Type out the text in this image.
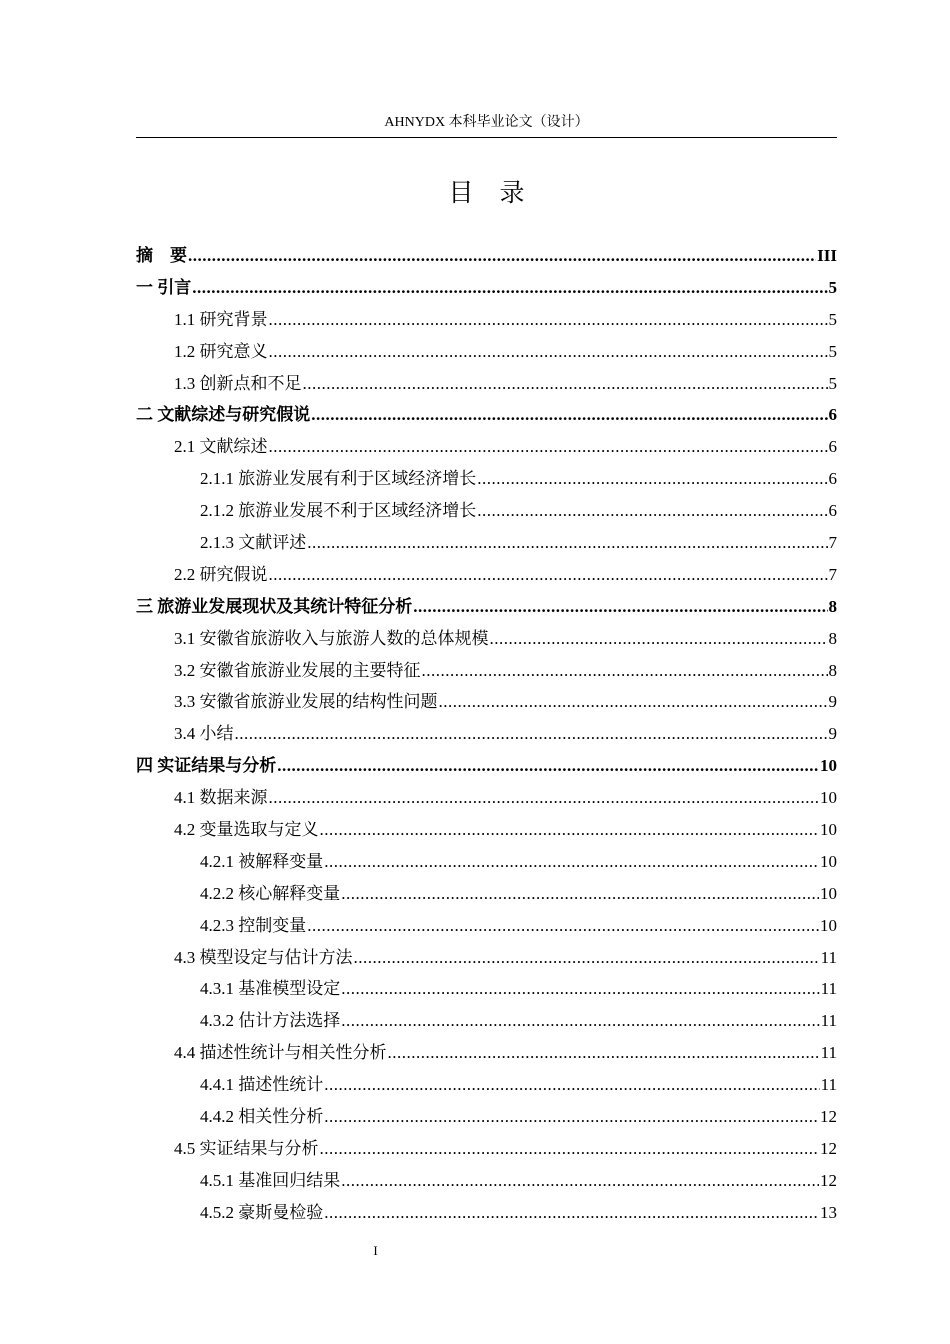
AHNYDX 本科毕业论文（设计）
目录
摘　要 .....	III
一 引言 .....	5
1.1 研究背景 .....	5
1.2 研究意义 .....	5
1.3 创新点和不足 .....	5
二 文献综述与研究假说 .....	6
2.1 文献综述 .....	6
2.1.1 旅游业发展有利于区域经济增长 .....	6
2.1.2 旅游业发展不利于区域经济增长 .....	6
2.1.3 文献评述 .....	7
2.2 研究假说 .....	7
三 旅游业发展现状及其统计特征分析 .....	8
3.1 安徽省旅游收入与旅游人数的总体规模 .....	8
3.2 安徽省旅游业发展的主要特征 .....	8
3.3 安徽省旅游业发展的结构性问题 .....	9
3.4 小结 .....	9
四 实证结果与分析 .....	10
4.1 数据来源 .....	10
4.2 变量选取与定义 .....	10
4.2.1 被解释变量 .....	10
4.2.2 核心解释变量 .....	10
4.2.3 控制变量 .....	10
4.3 模型设定与估计方法 .....	11
4.3.1 基准模型设定 .....	11
4.3.2 估计方法选择 .....	11
4.4 描述性统计与相关性分析 .....	11
4.4.1 描述性统计 .....	11
4.4.2 相关性分析 .....	12
4.5 实证结果与分析 .....	12
4.5.1 基准回归结果 .....	12
4.5.2 豪斯曼检验 .....	13
I
